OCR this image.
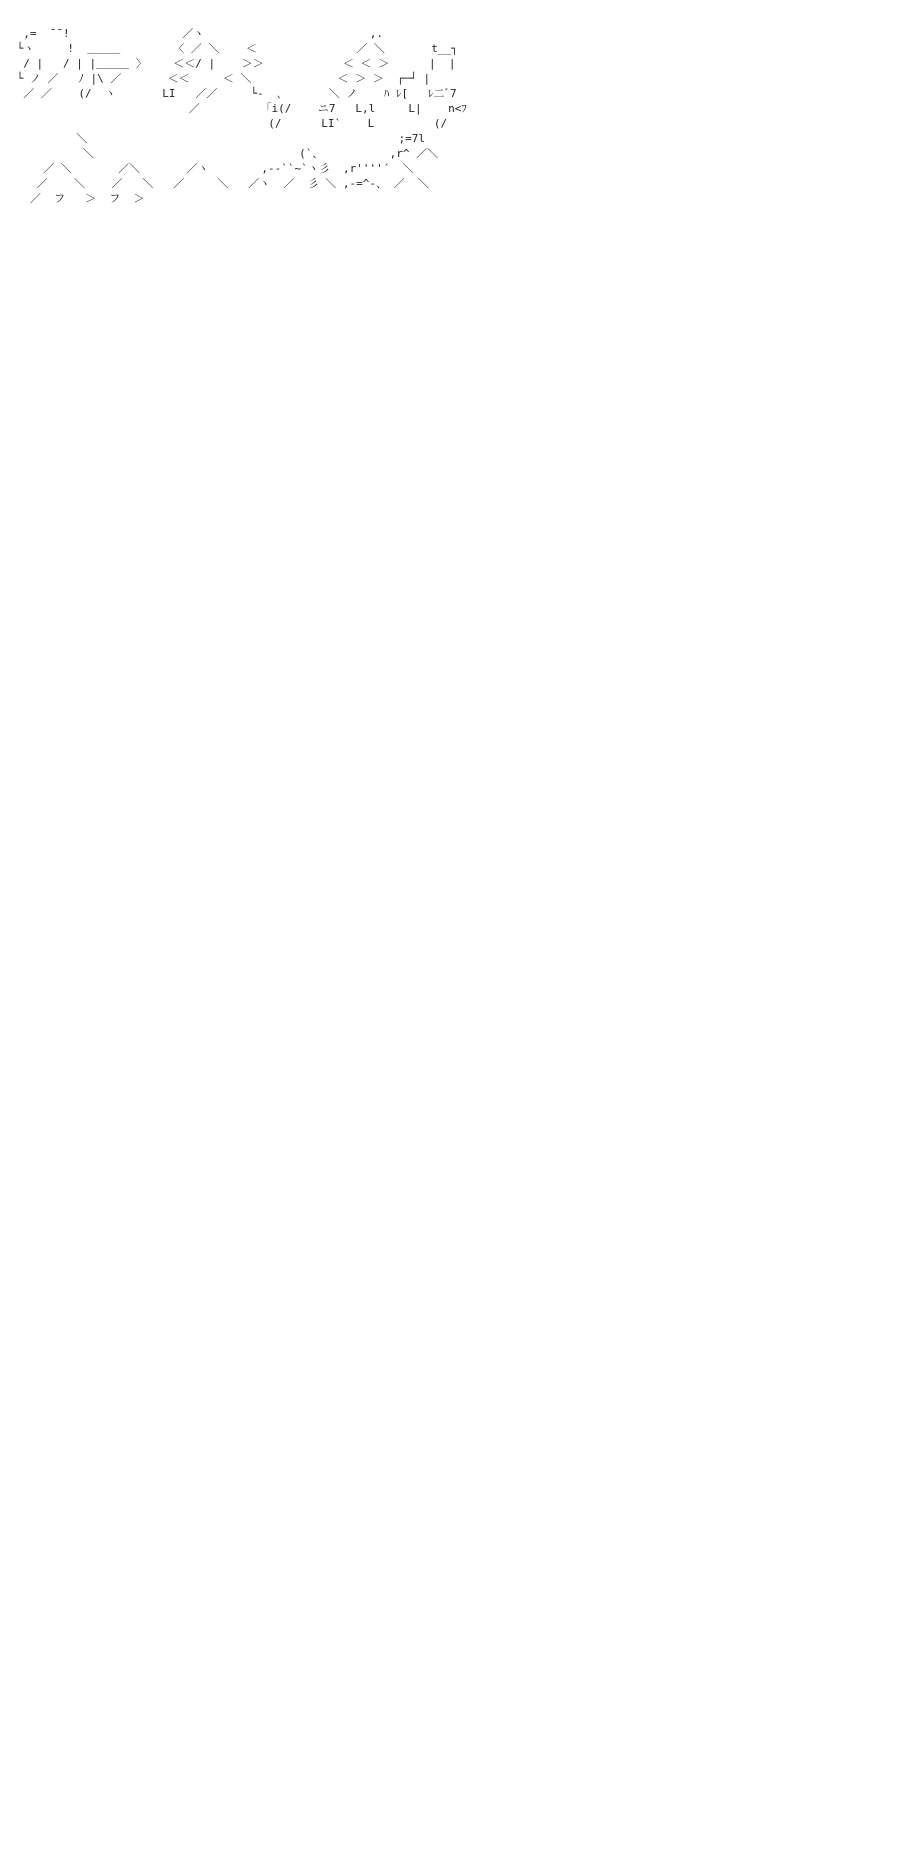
,=  ̄ ̄ !                 ／ヽ                         ,.
└ヽ     !  ＿＿＿        〈 ／ ＼    ＜               ／ ＼       t__┐
/ |   / | |＿＿＿ 〉    ＜＜/ |    ＞＞            ＜ ＜ ＞      |  |
└ ノ ／   ﾉ |\ ／       ＜＜     ＜ ＼             ＜ ＞ ＞  ┌─┘ |
／ ／    (/  ヽ       LI   ／／     └-  ､       ＼ ノ    ﾊ ﾚ[   ﾚ二ﾞ7
／          ｢i(/    ニ7   L,l     L|    n<ﾌ
(/      LI`    L         (/
＼                                               ;=7l
＼                               (`、          ,r^ ／＼
／ ＼       ／＼       ／ヽ        ,--``~`ヽ彡  ,r''''´  ＼
／    ＼    ／   ＼   ／     ＼   ／ヽ  ／  彡 ＼ ,-=^-、 ／  ＼
／  フ   ＞  フ  ＞
